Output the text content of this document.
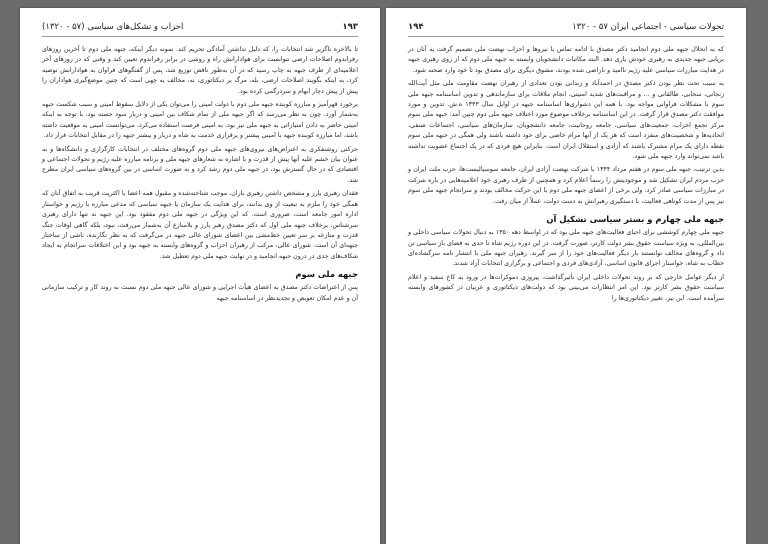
۱۹۳
احزاب و تشکل‌های سیاسی (۵۷ - ۱۳۲۰)

تا بالاخره ناگزیر شد انتخابات را، که دلیل نداشتن آمادگی تحریم کند. نمونه دیگر اینکه، جبهه ملی دوم تا آخرین روزهای رفراندوم اصلاحات ارضی نتوانست برای هوادارانش راه و روشی در برابر رفراندوم تعیین کند و وقتی که در روزهای آخر اعلامیه‌ای از طرف جبهه به چاپ رسید که در آن به‌طور ناقص توزیع شد، پس از گفتگوهای فراوان به هوادارانش توصیه کرد، به اینکه بگویند اصلاحات ارضی، بله، مرگ بر دیکتاتوری، نه، مخالف یه چهی است که چنین موضع‌گیری هواداران را پیش از پیش دچار ابهام و سردرگمی کرده بود.

برخورد قهرآمیز و مبارزه کوبنده جبهه ملی دوم با دولت امینی را می‌توان یکی از دلایل سقوط امینی و سبب شکست جبهه به‌شمار آورد. چون به نظر می‌رسد که اگر جبهه ملی از تمام شکاف بین امینی و دربار سود جسته بود، با توجه به اینکه امینی حاضر به دادن امتیازاتی به جبهه ملی نیز بود، به امینی فرصت استفاده می‌کرد، می‌توانست امینی به موقعیت داشته باشد، اما مبارزه کوبنده جبهه با امینی پیشتر و برقراری خدمت به شاه و دربار و بیشتر جبهه را در مقابل انتخابات قرار داد.

حرکتی روشنفکری به اعتراض‌های نیروی‌های جبهه ملی دوم گروه‌های مختلف در انتخابات کارگزاری و دانشگاه‌ها و به عنوان بیان خشم علیه آنها پیش از قدرت و با اشاره به شعارهای جبهه ملی و برنامه مبارزه علیه رژیم و تحولات اجتماعی و اقتصادی که در حال گسترش بود، در جبهه ملی دوم رشد کرد و به صورت اساسی در بین گروه‌های سیاسی ایران مطرح شد.

فقدان رهبری بارز و مشخص داشتن رهبری باران، موجب شناخته‌شده و مقبول همه اعضا با اکثریت قریب به اتفاق آنان که همگی خود را ملزم به تبعیت از وی بدانند، برای هدایت یک سازمان یا جبهه سیاسی که مدعی مبارزه با رژیم و خواستار اداره امور جامعه است، ضروری است. که این ویژگی در جبهه ملی دوم مفقود بود. این جبهه نه تنها دارای رهبری سرشناس، برخلاف جبهه ملی اول که دکتر مصدق رهبر بارز و بلامنازع آن به‌شمار می‌رفت، نبود، بلکه گاهی اوقات جنگ قدرت و منازعه بر سر تعیین خط‌مشی بین اعضای شورای عالی جبهه در می‌گرفت که به نظر نگارنده، ناشی از ساختار جبهه‌ای آن است. شورای عالی، مرکب از رهبران احزاب و گروه‌های وابسته به جبهه بود و این اختلافات سرانجام به ایجاد شکاف‌های جدی در درون جبهه انجامید و در نهایت جبهه ملی دوم تعطیل شد.

جبهه ملی سوم

پس از اعتراضات دکتر مصدق به اعضای هیأت اجرایی و شورای عالی جبهه ملی دوم نسبت به روند کار و ترکیب سازمانی آن و عدم امکان تعویض و تجدیدنظر در اساسنامه جبهه

تحولات سیاسی - اجتماعی ایران ۵۷ - ۱۳۲۰
۱۹۴

که به انحلال جبهه ملی دوم انجامید دکتر مصدق با ادامه تماس با نیروها و احزاب نهضت ملی تصمیم گرفت به آنان در برپایی جبهه جدیدی به رهبری خودش یاری دهد. البته مکاتبات دانشجویان وابسته به جبهه ملی دوم که از روی رهبری جبهه در هدایت مبارزات سیاسی علیه رژیم ناامید و ناراضی شده بودند، مشوق دیگری برای مصدق بود تا خود وارد صحنه شود.

به سبب تحت نظر بودن دکتر مصدق در احمدآباد و زندانی بودن تعدادی از رهبران نهضت مقاومت ملی مثل آیت‌الله زنجانی، سحابی، طالقانی و ... و مراقبت‌های شدید امنیتی، انجام ملاقات برای سازماندهی و تدوین اساسنامه جبهه ملی سوم با مشکلات فراوانی مواجه بود. با همه این دشواری‌ها اساسنامه جبهه در اوایل سال ۱۳۴۳ ه.ش. تدوین و مورد موافقت دکتر مصدق قرار گرفت. در این اساسنامه برخلاف موضوع مورد اختلاف جبهه ملی دوم چنین آمد: جبهه ملی سوم مرکز تجمع احزاب، جمعیت‌های سیاسی، جامعه روحانیت، جامعه دانشجویان، سازمان‌های سیاسی، اجتماعات صنفی، اتحادیه‌ها و شخصیت‌های منفرد است که هر یک از آنها مرام خاصی برای خود داشته باشند ولی همگی در جبهه ملی سوم نقطه دارای یک مرام مشترک باشند که آزادی و استقلال ایران است. بنابراین هیچ فردی که در یک اجتماع عضویت نداشته باشد نمی‌تواند وارد جبهه ملی شود.

بدین ترتیب، جبهه ملی سوم در هفتم مرداد ۱۳۴۴ با شرکت نهضت آزادی ایران، جامعه سوسیالیست‌ها، حزب ملت ایران و حزب مردم ایران تشکیل شد و موجودیتش را رسماً اعلام کرد و همچنین از طرف رهبری خود اعلامیه‌هایی در باره شرکت در مبارزات سیاسی صادر کرد. ولی برخی از اعضای جبهه ملی دوم با این حرکت مخالف بودند و سرانجام جبهه ملی سوم نیز پس از مدت کوتاهی فعالیت، با دستگیری رهبرانش به دست دولت، عملاً از میان رفت.

جبهه ملی چهارم و بستر سیاسی تشکیل آن

جبهه ملی چهارم کوششی برای احیای فعالیت‌های جبهه ملی بود که در اواسط دهه ۱۳۵۰ به دنبال تحولات سیاسی داخلی و بین‌المللی، به ویژه سیاست حقوق بشر دولت کارتر، صورت گرفت. در این دوره رژیم شاه تا حدی به فضای باز سیاسی تن داد و گروه‌های مخالف توانستند بار دیگر فعالیت‌های خود را از سر گیرند. رهبران جبهه ملی با انتشار نامه سرگشاده‌ای خطاب به شاه، خواستار اجرای قانون اساسی، آزادی‌های فردی و اجتماعی و برگزاری انتخابات آزاد شدند.

از دیگر عوامل خارجی که بر روند تحولات داخلی ایران تأثیرگذاشت، پیروزی دموکرات‌ها در ورود به کاخ سفید و اعلام سیاست حقوق بشر کارتر بود. این امر انتظارات می‌بینی بود که دولت‌های دیکتاتوری و عربیان در کشورهای وابسته سرآمده است. این نیز، تغییر دیکتاتوری‌ها را
